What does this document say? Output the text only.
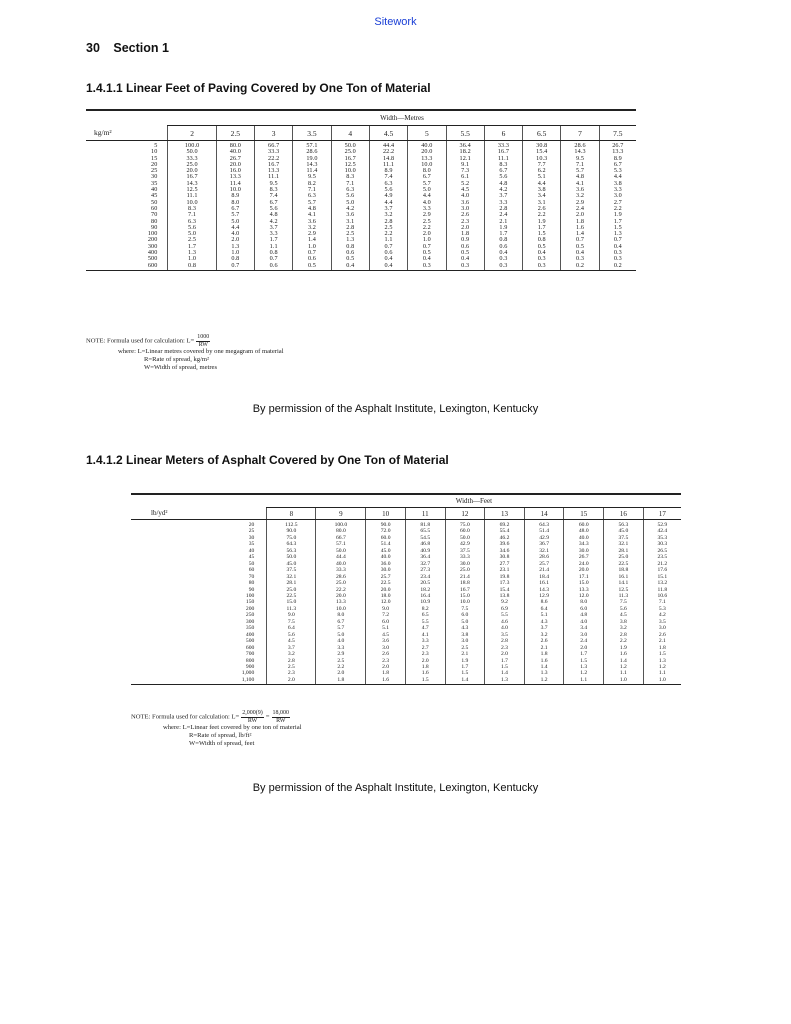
Sitework
30 Section 1
1.4.1.1 Linear Feet of Paving Covered by One Ton of Material
	Width—Metres											
kg/m²	2	2.5	3	3.5	4	4.5	5	5.5	6	6.5	7	7.5
5	100.0	80.0	66.7	57.1	50.0	44.4	40.0	36.4	33.3	30.8	28.6	26.7
10	50.0	40.0	33.3	28.6	25.0	22.2	20.0	18.2	16.7	15.4	14.3	13.3
15	33.3	26.7	22.2	19.0	16.7	14.8	13.3	12.1	11.1	10.3	9.5	8.9
20	25.0	20.0	16.7	14.3	12.5	11.1	10.0	9.1	8.3	7.7	7.1	6.7
25	20.0	16.0	13.3	11.4	10.0	8.9	8.0	7.3	6.7	6.2	5.7	5.3
30	16.7	13.3	11.1	9.5	8.3	7.4	6.7	6.1	5.6	5.1	4.8	4.4
35	14.3	11.4	9.5	8.2	7.1	6.3	5.7	5.2	4.8	4.4	4.1	3.8
40	12.5	10.0	8.3	7.1	6.3	5.6	5.0	4.5	4.2	3.8	3.6	3.3
45	11.1	8.9	7.4	6.3	5.6	4.9	4.4	4.0	3.7	3.4	3.2	3.0
50	10.0	8.0	6.7	5.7	5.0	4.4	4.0	3.6	3.3	3.1	2.9	2.7
60	8.3	6.7	5.6	4.8	4.2	3.7	3.3	3.0	2.8	2.6	2.4	2.2
70	7.1	5.7	4.8	4.1	3.6	3.2	2.9	2.6	2.4	2.2	2.0	1.9
80	6.3	5.0	4.2	3.6	3.1	2.8	2.5	2.3	2.1	1.9	1.8	1.7
90	5.6	4.4	3.7	3.2	2.8	2.5	2.2	2.0	1.9	1.7	1.6	1.5
100	5.0	4.0	3.3	2.9	2.5	2.2	2.0	1.8	1.7	1.5	1.4	1.3
200	2.5	2.0	1.7	1.4	1.3	1.1	1.0	0.9	0.8	0.8	0.7	0.7
300	1.7	1.3	1.1	1.0	0.8	0.7	0.7	0.6	0.6	0.5	0.5	0.4
400	1.3	1.0	0.8	0.7	0.6	0.6	0.5	0.5	0.4	0.4	0.4	0.3
500	1.0	0.8	0.7	0.6	0.5	0.4	0.4	0.4	0.3	0.3	0.3	0.3
600	0.8	0.7	0.6	0.5	0.4	0.4	0.3	0.3	0.3	0.3	0.2	0.2
NOTE: Formula used for calculation: $L= \frac{1000}{RW}$
where: L=Linear metres covered by one megagram of material
R=Rate of spread, kg/m²
W=Width of spread, metres
By permission of the Asphalt Institute, Lexington, Kentucky
1.4.1.2 Linear Meters of Asphalt Covered by One Ton of Material
	Width—Feet									
lb/yd²	8	9	10	11	12	13	14	15	16	17
20	112.5	100.0	90.0	81.8	75.0	69.2	64.3	60.0	56.3	52.9
25	90.0	80.0	72.0	65.5	60.0	55.4	51.4	48.0	45.0	42.4
30	75.0	66.7	60.0	54.5	50.0	46.2	42.9	40.0	37.5	35.3
35	64.3	57.1	51.4	46.8	42.9	39.6	36.7	34.3	32.1	30.3
40	56.3	50.0	45.0	40.9	37.5	34.6	32.1	30.0	28.1	26.5
45	50.0	44.4	40.0	36.4	33.3	30.8	28.6	26.7	25.0	23.5
50	45.0	40.0	36.0	32.7	30.0	27.7	25.7	24.0	22.5	21.2
60	37.5	33.3	30.0	27.3	25.0	23.1	21.4	20.0	18.8	17.6
70	32.1	28.6	25.7	23.4	21.4	19.8	18.4	17.1	16.1	15.1
80	28.1	25.0	22.5	20.5	18.8	17.3	16.1	15.0	14.1	13.2
90	25.0	22.2	20.0	18.2	16.7	15.4	14.3	13.3	12.5	11.8
100	22.5	20.0	18.0	16.4	15.0	13.8	12.9	12.0	11.3	10.6
150	15.0	13.3	12.0	10.9	10.0	9.2	8.6	8.0	7.5	7.1
200	11.3	10.0	9.0	8.2	7.5	6.9	6.4	6.0	5.6	5.3
250	9.0	8.0	7.2	6.5	6.0	5.5	5.1	4.8	4.5	4.2
300	7.5	6.7	6.0	5.5	5.0	4.6	4.3	4.0	3.8	3.5
350	6.4	5.7	5.1	4.7	4.3	4.0	3.7	3.4	3.2	3.0
400	5.6	5.0	4.5	4.1	3.8	3.5	3.2	3.0	2.8	2.6
500	4.5	4.0	3.6	3.3	3.0	2.8	2.6	2.4	2.2	2.1
600	3.7	3.3	3.0	2.7	2.5	2.3	2.1	2.0	1.9	1.8
700	3.2	2.9	2.6	2.3	2.1	2.0	1.8	1.7	1.6	1.5
800	2.8	2.5	2.3	2.0	1.9	1.7	1.6	1.5	1.4	1.3
900	2.5	2.2	2.0	1.8	1.7	1.5	1.4	1.3	1.2	1.2
1,000	2.3	2.0	1.8	1.6	1.5	1.4	1.3	1.2	1.1	1.1
1,100	2.0	1.8	1.6	1.5	1.4	1.3	1.2	1.1	1.0	1.0
NOTE: Formula used for calculation: $L= \frac{2,000(9)}{RW} = \frac{18,000}{RW}$
where: L=Linear feet covered by one ton of material
R=Rate of spread, lb/ft²
W=Width of spread, feet
By permission of the Asphalt Institute, Lexington, Kentucky
